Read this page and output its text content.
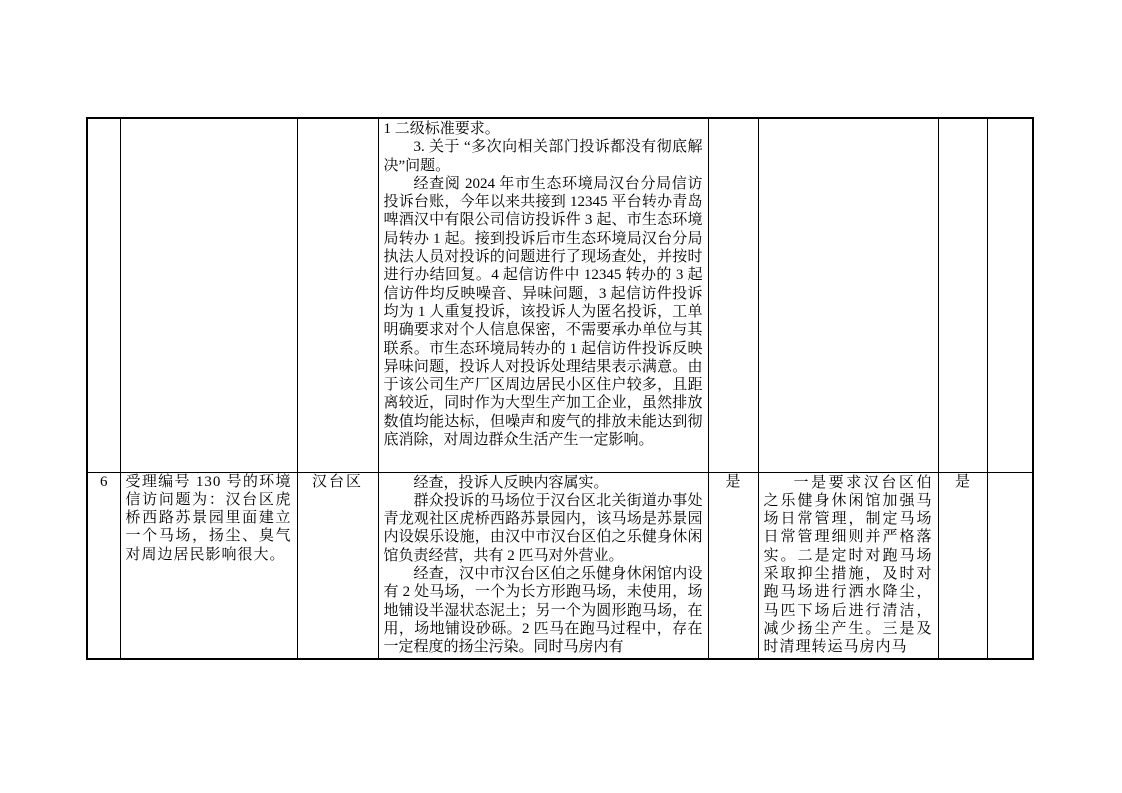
			1 二级标准要求。

3. 关于 “多次向相关部门投诉都没有彻底解决”问题。

经查阅 2024 年市生态环境局汉台分局信访投诉台账，今年以来共接到 12345 平台转办青岛啤酒汉中有限公司信访投诉件 3 起、市生态环境局转办 1 起。接到投诉后市生态环境局汉台分局执法人员对投诉的问题进行了现场查处，并按时进行办结回复。4 起信访件中 12345 转办的 3 起信访件均反映噪音、异味问题，3 起信访件投诉均为 1 人重复投诉，该投诉人为匿名投诉，工单明确要求对个人信息保密，不需要承办单位与其联系。市生态环境局转办的 1 起信访件投诉反映异味问题，投诉人对投诉处理结果表示满意。由于该公司生产厂区周边居民小区住户较多，且距离较近，同时作为大型生产加工企业，虽然排放数值均能达标，但噪声和废气的排放未能达到彻底消除，对周边群众生活产生一定影响。				

6	受理编号 130 号的环境信访问题为：汉台区虎桥西路苏景园里面建立一个马场，扬尘、臭气对周边居民影响很大。	汉台区	经查，投诉人反映内容属实。

群众投诉的马场位于汉台区北关街道办事处青龙观社区虎桥西路苏景园内，该马场是苏景园内设娱乐设施，由汉中市汉台区伯之乐健身休闲馆负责经营，共有 2 匹马对外营业。

经查，汉中市汉台区伯之乐健身休闲馆内设有 2 处马场，一个为长方形跑马场，未使用，场地铺设半湿状态泥土；另一个为圆形跑马场，在用，场地铺设砂砾。2 匹马在跑马过程中，存在一定程度的扬尘污染。同时马房内有	是	一是要求汉台区伯之乐健身休闲馆加强马场日常管理，制定马场日常管理细则并严格落实。二是定时对跑马场采取抑尘措施，及时对跑马场进行洒水降尘，马匹下场后进行清洁，减少扬尘产生。三是及时清理转运马房内马	是	
